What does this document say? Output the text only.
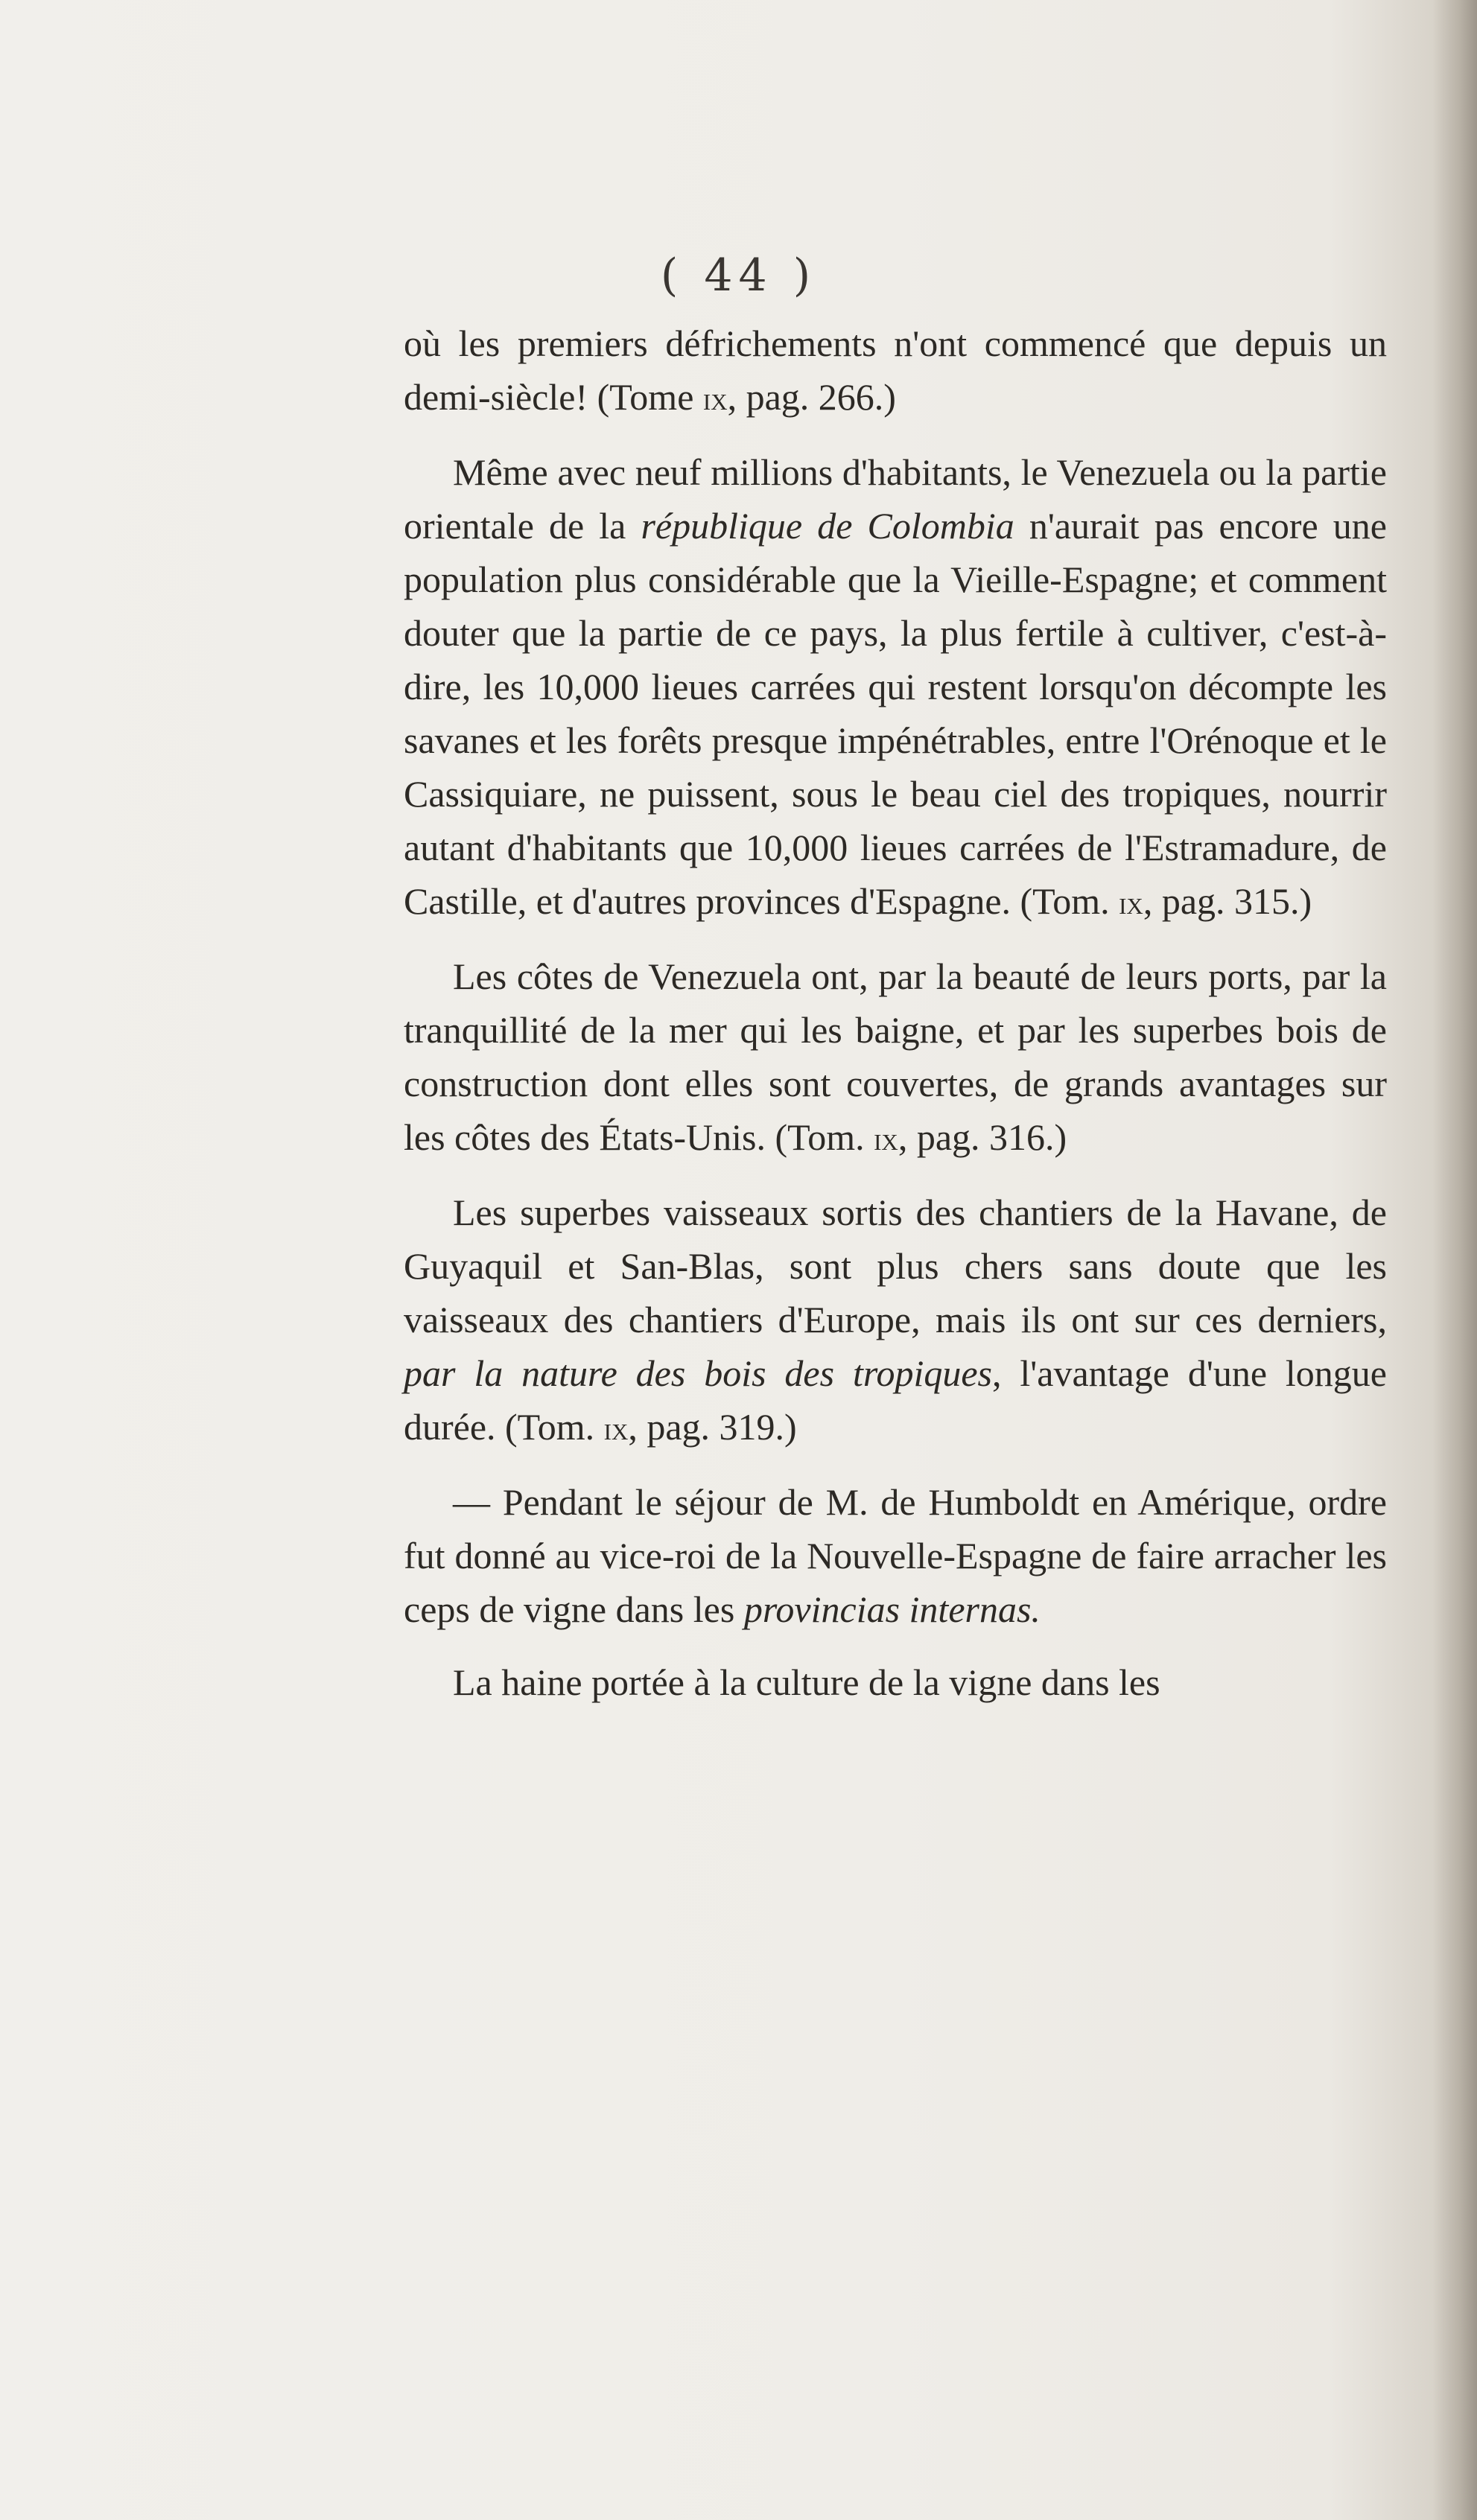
( 44 )

où les premiers défrichements n'ont commencé que depuis un demi-siècle! (Tome ix, pag. 266.)

Même avec neuf millions d'habitants, le Venezuela ou la partie orientale de la république de Colombia n'aurait pas encore une population plus considérable que la Vieille-Espagne; et comment douter que la partie de ce pays, la plus fertile à cultiver, c'est-à-dire, les 10,000 lieues carrées qui restent lorsqu'on décompte les savanes et les forêts presque impénétrables, entre l'Orénoque et le Cassiquiare, ne puissent, sous le beau ciel des tropiques, nourrir autant d'habitants que 10,000 lieues carrées de l'Estramadure, de Castille, et d'autres provinces d'Espagne. (Tom. ix, pag. 315.)

Les côtes de Venezuela ont, par la beauté de leurs ports, par la tranquillité de la mer qui les baigne, et par les superbes bois de construction dont elles sont couvertes, de grands avantages sur les côtes des États-Unis. (Tom. ix, pag. 316.)

Les superbes vaisseaux sortis des chantiers de la Havane, de Guyaquil et San-Blas, sont plus chers sans doute que les vaisseaux des chantiers d'Europe, mais ils ont sur ces derniers, par la nature des bois des tropiques, l'avantage d'une longue durée. (Tom. ix, pag. 319.)

— Pendant le séjour de M. de Humboldt en Amérique, ordre fut donné au vice-roi de la Nouvelle-Espagne de faire arracher les ceps de vigne dans les provincias internas.

La haine portée à la culture de la vigne dans les
